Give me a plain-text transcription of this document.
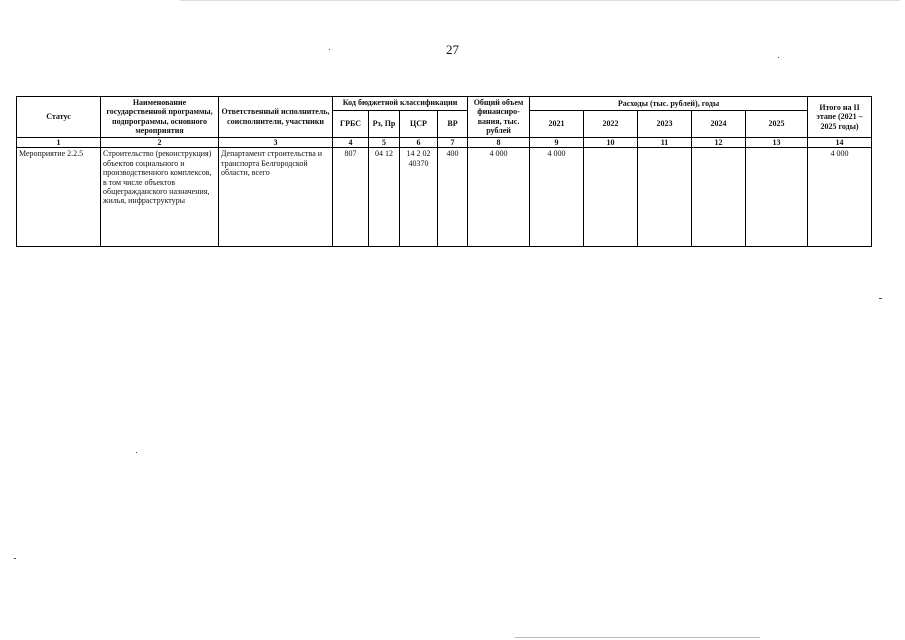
27
Статус	Наименование государственной программы, подпрограммы, основного мероприятия	Ответственный исполнитель, соисполнители, участники	Код бюджетной классификации				Общий объем финансиро-вания, тыс. рублей	Расходы (тыс. рублей), годы					Итого на II этапе (2021 – 2025 годы)
			ГРБС	Рз, Пр	ЦСР	ВР		2021	2022	2023	2024	2025	
1	2	3	4	5	6	7	8	9	10	11	12	13	14
Мероприятие 2.2.5	Строительство (реконструкция) объектов социального и производственного комплексов, в том числе объектов общегражданского назначения, жилья, инфраструктуры	Департамент строительства и транспорта Белгородской области, всего	807	04 12	14 2 02 40370	400	4 000	4 000					4 000
